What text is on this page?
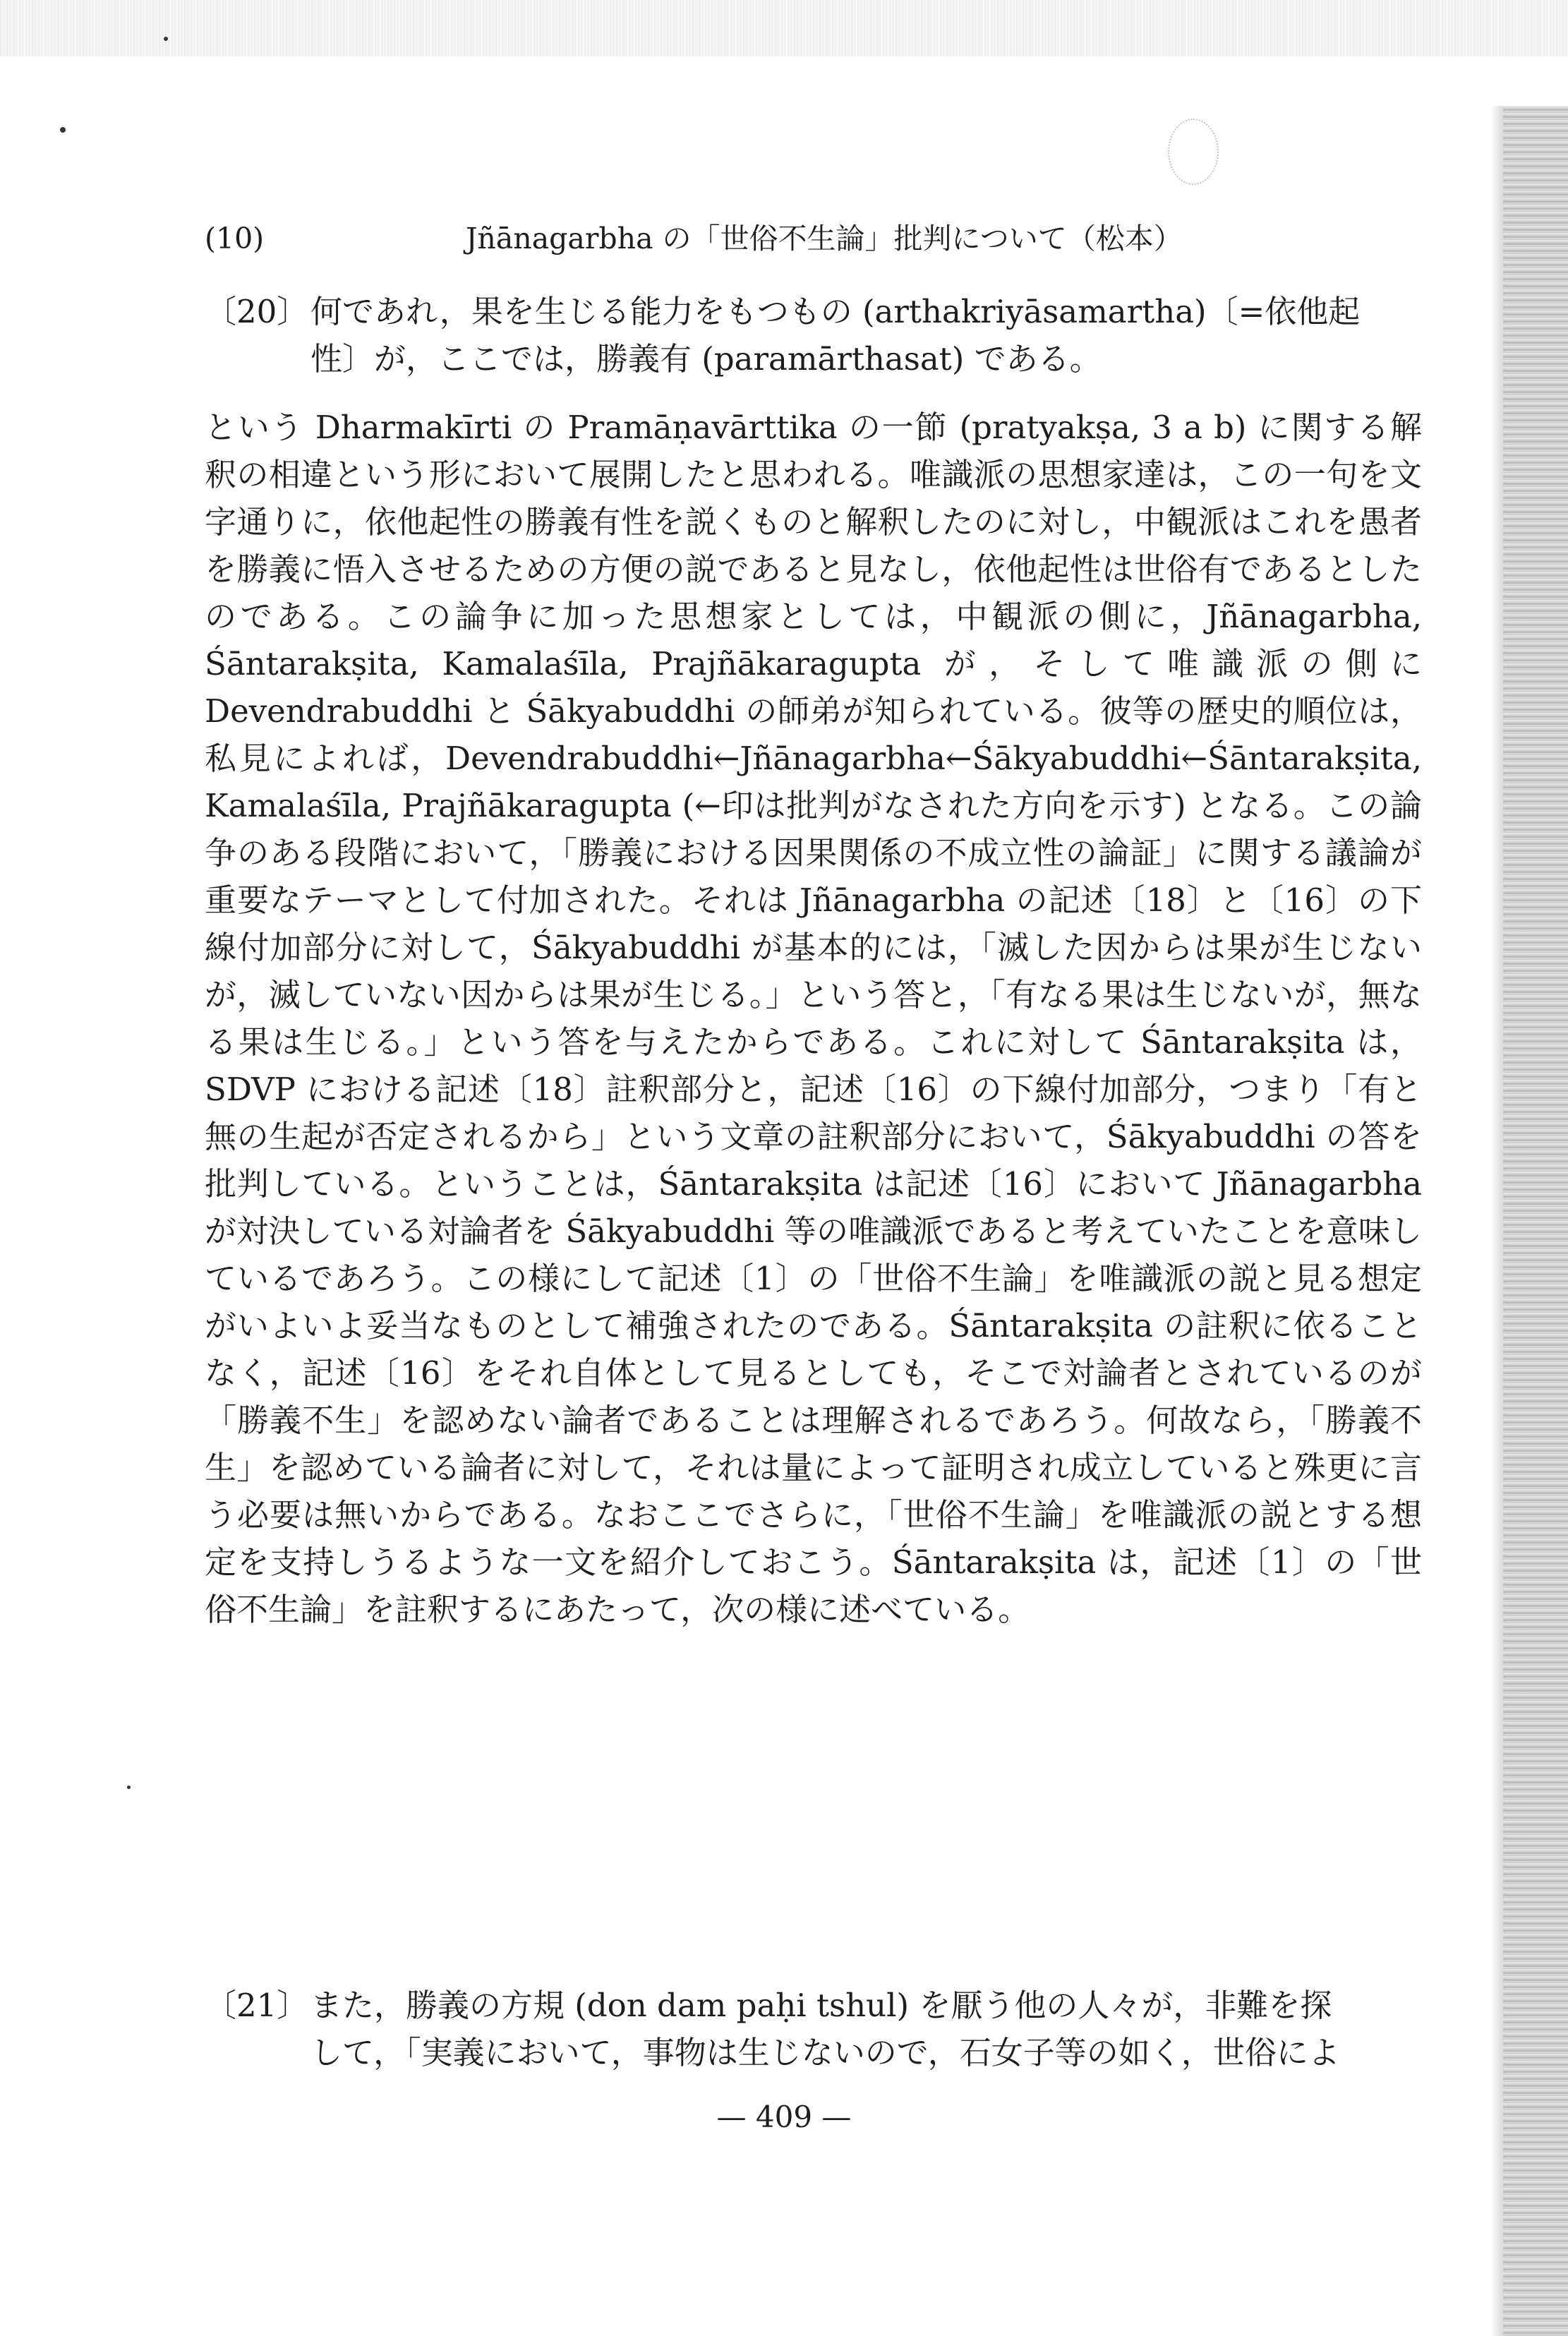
(10)	Jñānagarbha の「世俗不生論」批判について（松本）
〔20〕 何であれ，果を生じる能力をもつもの (arthakriyāsamartha)〔=依他起
性〕が，ここでは，勝義有 (paramārthasat) である。
という Dharmakīrti の Pramāṇavārttika の一節 (pratyakṣa, 3 a b) に関する解釈の相違という形において展開したと思われる。唯識派の思想家達は，この一句を文字通りに，依他起性の勝義有性を説くものと解釈したのに対し，中観派はこれを愚者を勝義に悟入させるための方便の説であると見なし，依他起性は世俗有であるとしたのである。この論争に加った思想家としては，中観派の側に，Jñānagarbha, Śāntarakṣita, Kamalaśīla, Prajñākaragupta が，そして唯識派の側に Devendrabuddhi と Śākyabuddhi の師弟が知られている。彼等の歴史的順位は，私見によれば，Devendrabuddhi←Jñānagarbha←Śākyabuddhi←Śāntarakṣita, Kamalaśīla, Prajñākaragupta (←印は批判がなされた方向を示す) となる。この論争のある段階において，「勝義における因果関係の不成立性の論証」に関する議論が重要なテーマとして付加された。それは Jñānagarbha の記述〔18〕と〔16〕の下線付加部分に対して，Śākyabuddhi が基本的には，「滅した因からは果が生じないが，滅していない因からは果が生じる。」という答と，「有なる果は生じないが，無なる果は生じる。」という答を与えたからである。これに対して Śāntarakṣita は，SDVP における記述〔18〕註釈部分と，記述〔16〕の下線付加部分，つまり「有と無の生起が否定されるから」という文章の註釈部分において，Śākyabuddhi の答を批判している。ということは，Śāntarakṣita は記述〔16〕において Jñānagarbha が対決している対論者を Śākyabuddhi 等の唯識派であると考えていたことを意味しているであろう。この様にして記述〔1〕の「世俗不生論」を唯識派の説と見る想定がいよいよ妥当なものとして補強されたのである。Śāntarakṣita の註釈に依ることなく，記述〔16〕をそれ自体として見るとしても，そこで対論者とされているのが「勝義不生」を認めない論者であることは理解されるであろう。何故なら，「勝義不生」を認めている論者に対して，それは量によって証明され成立していると殊更に言う必要は無いからである。なおここでさらに，「世俗不生論」を唯識派の説とする想定を支持しうるような一文を紹介しておこう。Śāntarakṣita は，記述〔1〕の「世俗不生論」を註釈するにあたって，次の様に述べている。
〔21〕 また，勝義の方規 (don dam paḥi tshul) を厭う他の人々が，非難を探
して，「実義において，事物は生じないので，石女子等の如く，世俗によ
— 409 —
